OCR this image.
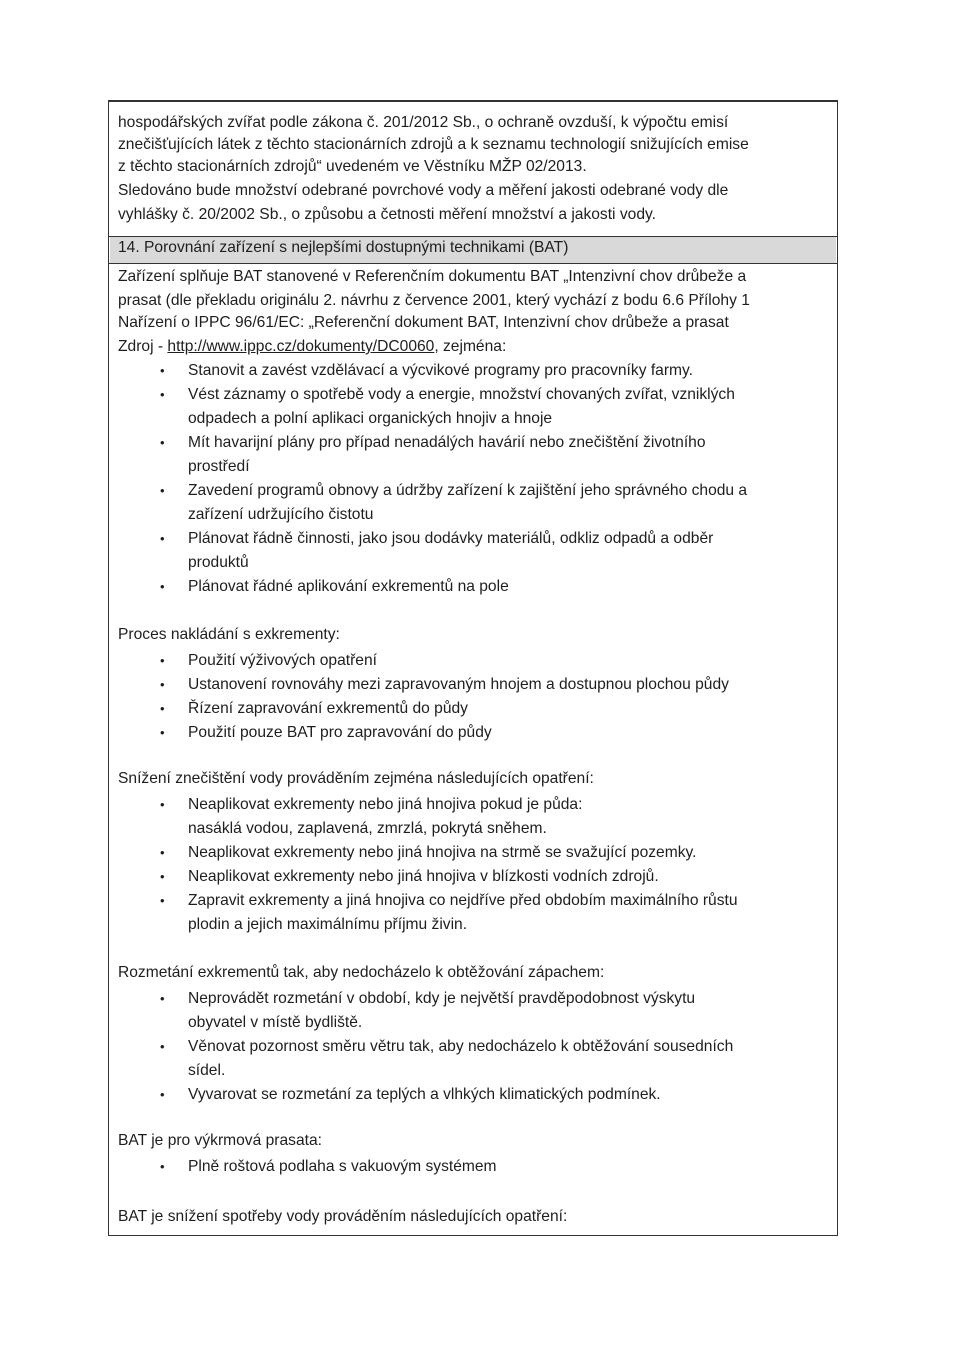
hospodářských zvířat podle zákona č. 201/2012 Sb., o ochraně ovzduší, k výpočtu emisí
znečišťujících látek z těchto stacionárních zdrojů a k seznamu technologií snižujících emise
z těchto stacionárních zdrojů“ uvedeném ve Věstníku MŽP 02/2013.
Sledováno bude množství odebrané povrchové vody a měření jakosti odebrané vody dle
vyhlášky č. 20/2002 Sb., o způsobu a četnosti měření množství a jakosti vody.
14. Porovnání zařízení s nejlepšími dostupnými technikami (BAT)
Zařízení splňuje BAT stanovené v Referenčním dokumentu BAT „Intenzivní chov drůbeže a
prasat (dle překladu originálu 2. návrhu z července 2001, který vychází z bodu 6.6 Přílohy 1
Nařízení o IPPC 96/61/EC: „Referenční dokument BAT, Intenzivní chov drůbeže a prasat
Zdroj - http://www.ippc.cz/dokumenty/DC0060, zejména:
• Stanovit a zavést vzdělávací a výcvikové programy pro pracovníky farmy.
• Vést záznamy o spotřebě vody a energie, množství chovaných zvířat, vzniklých
odpadech a polní aplikaci organických hnojiv a hnoje
• Mít havarijní plány pro případ nenadálých havárií nebo znečištění životního
prostředí
• Zavedení programů obnovy a údržby zařízení k zajištění jeho správného chodu a
zařízení udržujícího čistotu
• Plánovat řádně činnosti, jako jsou dodávky materiálů, odkliz odpadů a odběr
produktů
• Plánovat řádné aplikování exkrementů na pole
Proces nakládání s exkrementy:
• Použití výživových opatření
• Ustanovení rovnováhy mezi zapravovaným hnojem a dostupnou plochou půdy
• Řízení zapravování exkrementů do půdy
• Použití pouze BAT pro zapravování do půdy
Snížení znečištění vody prováděním zejména následujících opatření:
• Neaplikovat exkrementy nebo jiná hnojiva pokud je půda:
nasáklá vodou, zaplavená, zmrzlá, pokrytá sněhem.
• Neaplikovat exkrementy nebo jiná hnojiva na strmě se svažující pozemky.
• Neaplikovat exkrementy nebo jiná hnojiva v blízkosti vodních zdrojů.
• Zapravit exkrementy a jiná hnojiva co nejdříve před obdobím maximálního růstu
plodin a jejich maximálnímu příjmu živin.
Rozmetání exkrementů tak, aby nedocházelo k obtěžování zápachem:
• Neprovádět rozmetání v období, kdy je největší pravděpodobnost výskytu
obyvatel v místě bydliště.
• Věnovat pozornost směru větru tak, aby nedocházelo k obtěžování sousedních
sídel.
• Vyvarovat se rozmetání za teplých a vlhkých klimatických podmínek.
BAT je pro výkrmová prasata:
• Plně roštová podlaha s vakuovým systémem
BAT je snížení spotřeby vody prováděním následujících opatření:
